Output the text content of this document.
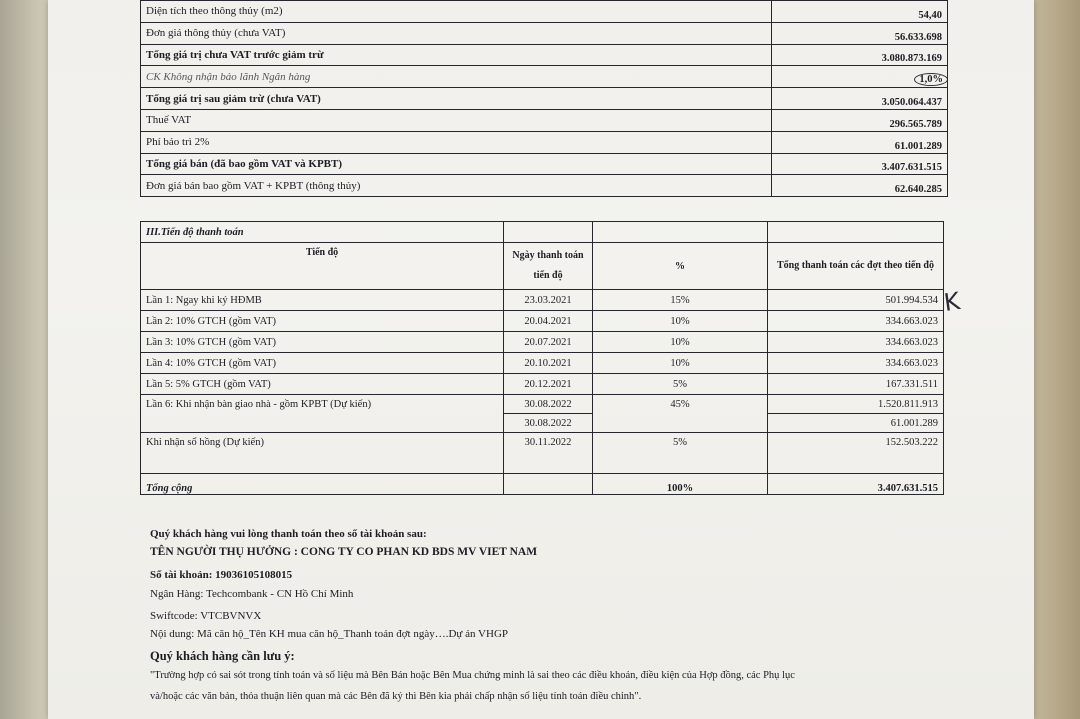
Diện tích theo thông thủy (m2)	54,40
Đơn giá thông thủy (chưa VAT)	56.633.698
Tổng giá trị chưa VAT trước giảm trừ	3.080.873.169
CK Không nhận bảo lãnh Ngân hàng	1,0%
Tổng giá trị sau giảm trừ (chưa VAT)	3.050.064.437
Thuế VAT	296.565.789
Phí bảo trì 2%	61.001.289
Tổng giá bán (đã bao gồm VAT và KPBT)	3.407.631.515
Đơn giá bán bao gồm VAT + KPBT (thông thủy)	62.640.285
III.Tiến độ thanh toán			
Tiến độ	Ngày thanh toán tiến độ	%	Tổng thanh toán các đợt theo tiến độ
Lần 1: Ngay khi ký HĐMB	23.03.2021	15%	501.994.534
Lần 2: 10% GTCH (gồm VAT)	20.04.2021	10%	334.663.023
Lần 3: 10% GTCH (gồm VAT)	20.07.2021	10%	334.663.023
Lần 4: 10% GTCH (gồm VAT)	20.10.2021	10%	334.663.023
Lần 5: 5% GTCH (gồm VAT)	20.12.2021	5%	167.331.511
Lần 6: Khi nhận bàn giao nhà - gồm KPBT (Dự kiến)	30.08.2022	45%	1.520.811.913
	30.08.2022		61.001.289
Khi nhận sổ hồng (Dự kiến)	30.11.2022	5%	152.503.222
Tổng cộng		100%	3.407.631.515
K
Quý khách hàng vui lòng thanh toán theo số tài khoản sau:
TÊN NGƯỜI THỤ HƯỞNG : CONG TY CO PHAN KD BDS MV VIET NAM
Số tài khoản: 19036105108015
Ngân Hàng: Techcombank - CN Hồ Chí Minh
Swiftcode: VTCBVNVX
Nội dung: Mã căn hộ_Tên KH mua căn hộ_Thanh toán đợt ngày….Dự án VHGP
Quý khách hàng cần lưu ý:
"Trường hợp có sai sót trong tính toán và số liệu mà Bên Bán hoặc Bên Mua chứng minh là sai theo các điều khoản, điều kiện của Hợp đồng, các Phụ lục
và/hoặc các văn bản, thỏa thuận liên quan mà các Bên đã ký thì Bên kia phải chấp nhận số liệu tính toán điều chỉnh".
